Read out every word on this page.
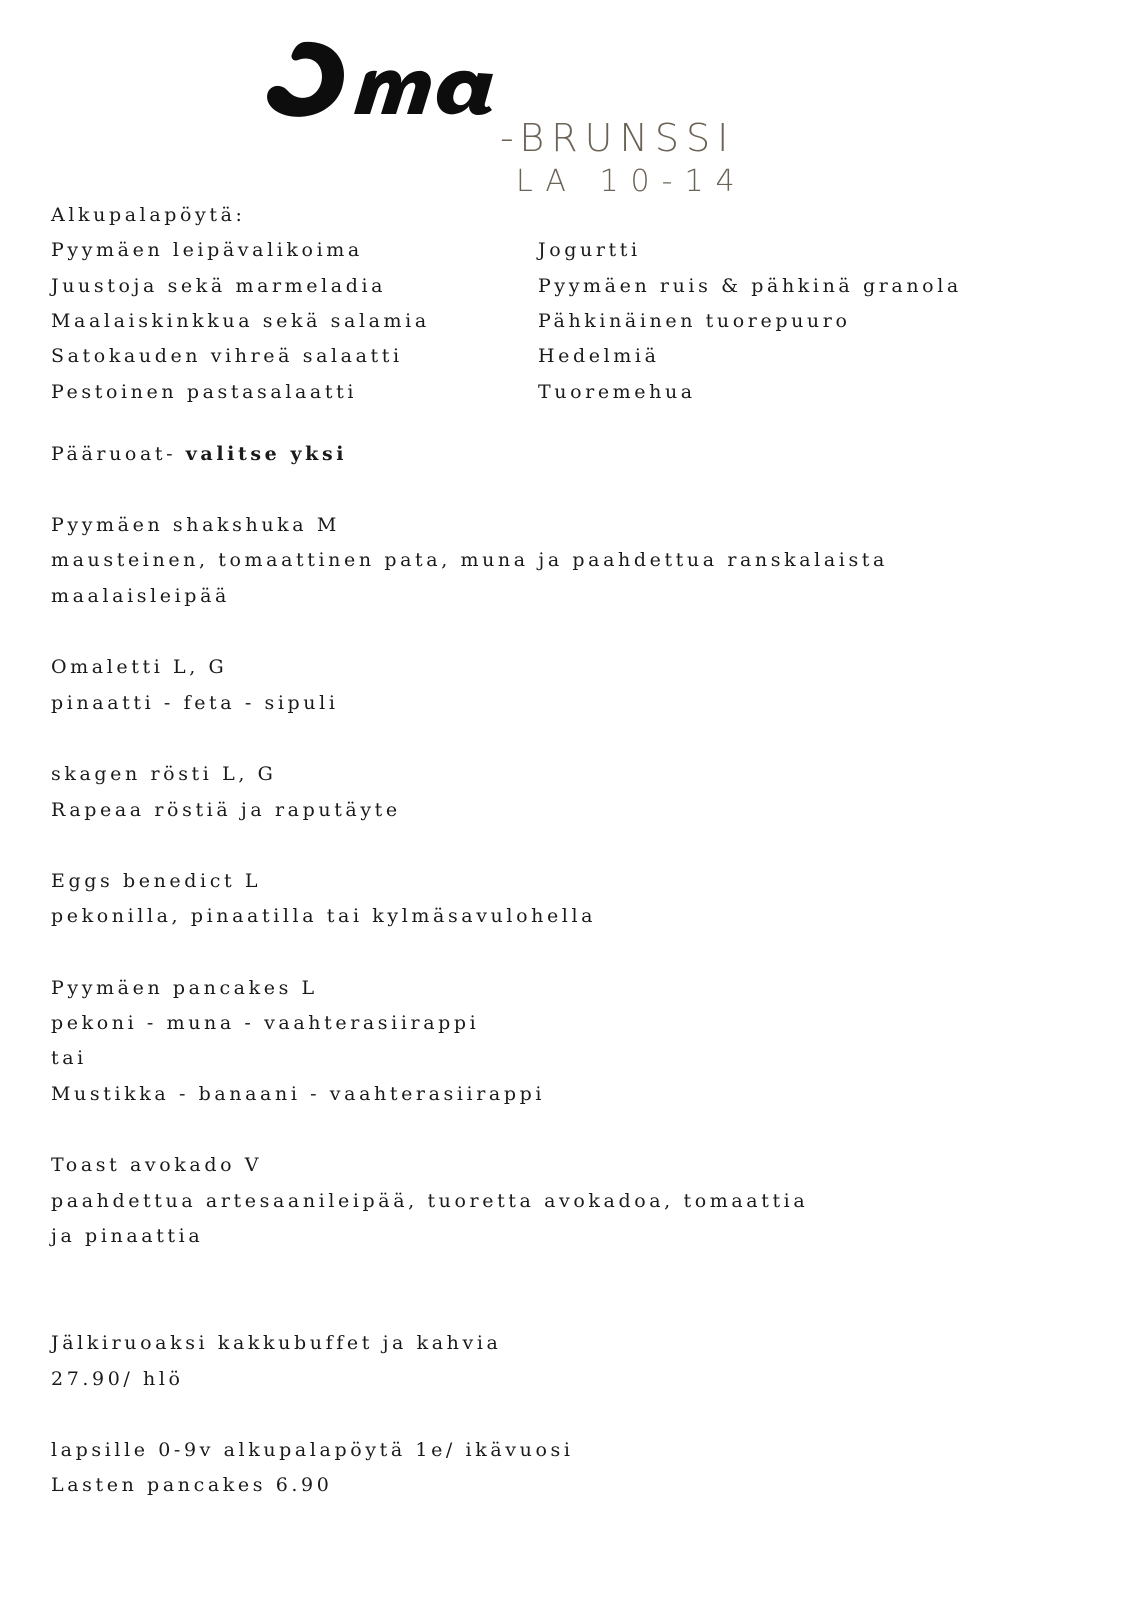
-BRUNSSI
LA 10-14
Alkupalapöytä:
Pyymäen leipävalikoima
Juustoja sekä marmeladia
Maalaiskinkkua sekä salamia
Satokauden vihreä salaatti
Pestoinen pastasalaatti
Jogurtti
Pyymäen ruis & pähkinä granola
Pähkinäinen tuorepuuro
Hedelmiä
Tuoremehua
Pääruoat- valitse yksi
Pyymäen shakshuka M
mausteinen, tomaattinen pata, muna ja paahdettua ranskalaista
maalaisleipää
Omaletti L, G
pinaatti - feta - sipuli
skagen rösti L, G
Rapeaa röstiä ja raputäyte
Eggs benedict L
pekonilla, pinaatilla tai kylmäsavulohella
Pyymäen pancakes L
pekoni - muna - vaahterasiirappi
tai
Mustikka - banaani - vaahterasiirappi
Toast avokado V
paahdettua artesaanileipää, tuoretta avokadoa, tomaattia
ja pinaattia
Jälkiruoaksi kakkubuffet ja kahvia
27.90/ hlö
lapsille 0-9v alkupalapöytä 1e/ ikävuosi
Lasten pancakes 6.90
